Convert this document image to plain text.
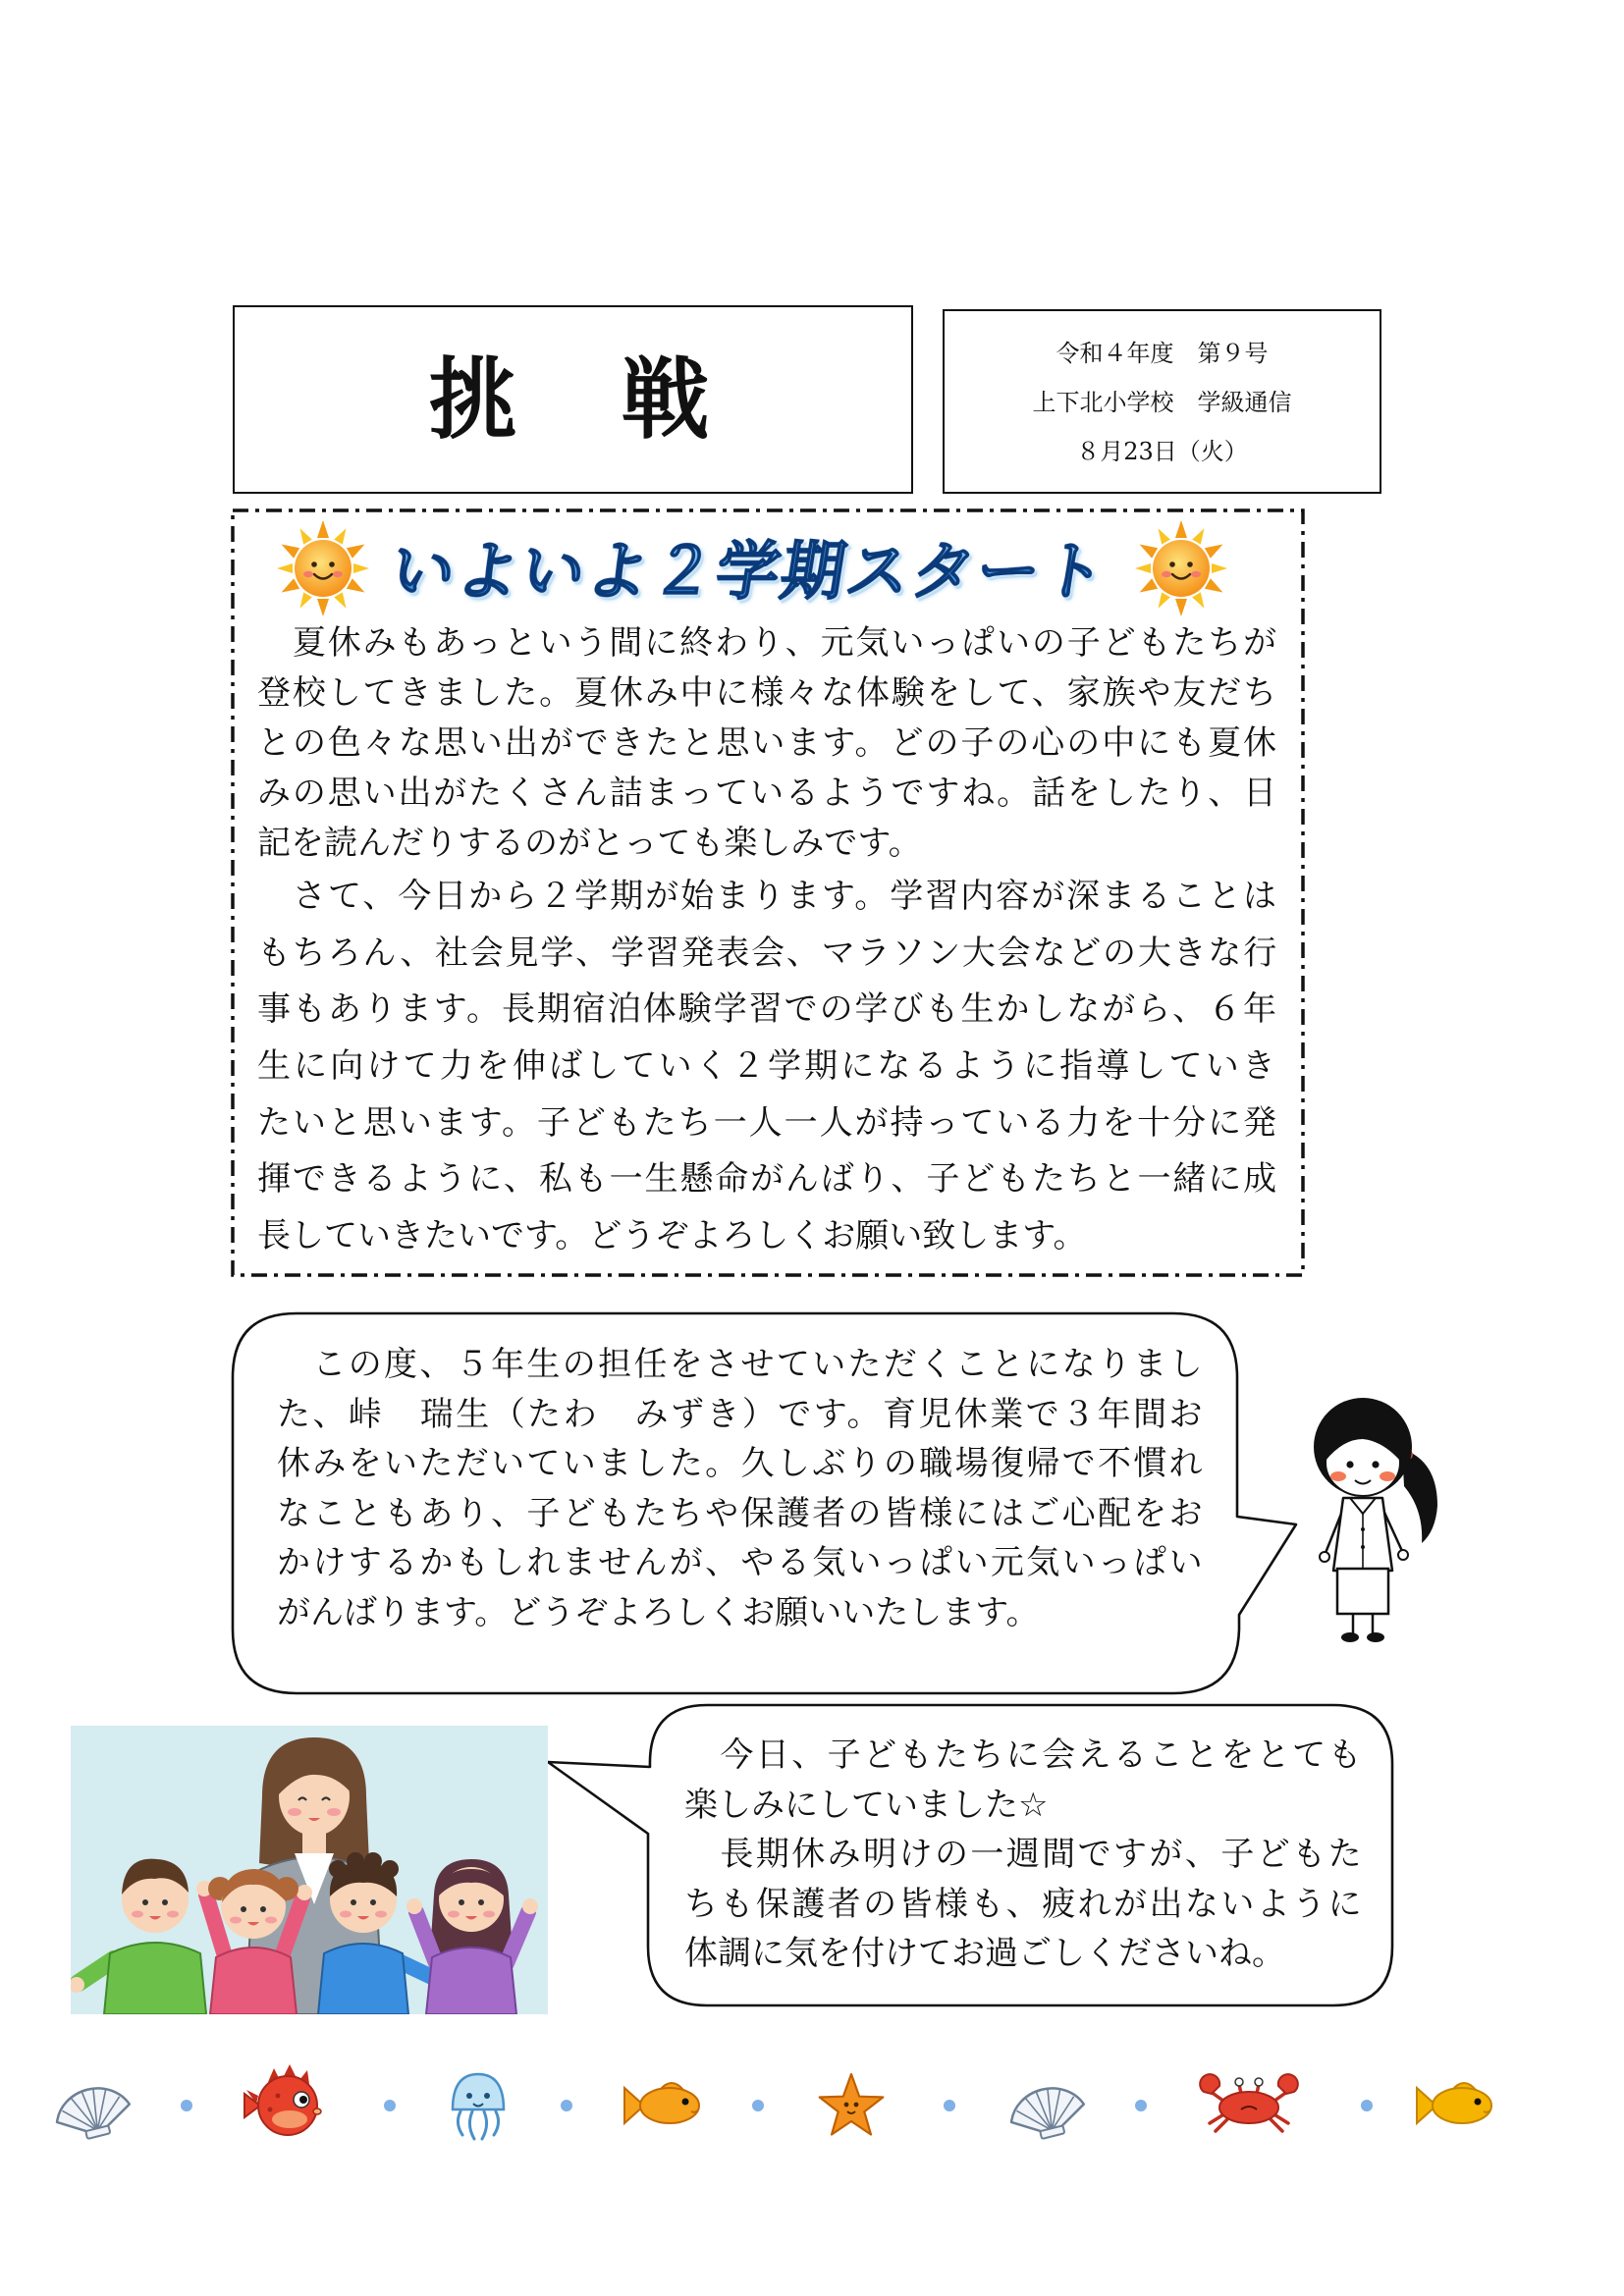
挑　戦	令和４年度　第９号
上下北小学校　学級通信
８月23日（火）
いよいよ２学期スタート
　夏休みもあっという間に終わり、元気いっぱいの子どもたちが
登校してきました。夏休み中に様々な体験をして、家族や友だち
との色々な思い出ができたと思います。どの子の心の中にも夏休
みの思い出がたくさん詰まっているようですね。話をしたり、日
記を読んだりするのがとっても楽しみです。
　さて、今日から２学期が始まります。学習内容が深まることは
もちろん、社会見学、学習発表会、マラソン大会などの大きな行
事もあります。長期宿泊体験学習での学びも生かしながら、６年
生に向けて力を伸ばしていく２学期になるように指導していき
たいと思います。子どもたち一人一人が持っている力を十分に発
揮できるように、私も一生懸命がんばり、子どもたちと一緒に成
長していきたいです。どうぞよろしくお願い致します。
　この度、５年生の担任をさせていただくことになりまし
た、峠　瑞生（たわ　みずき）です。育児休業で３年間お
休みをいただいていました。久しぶりの職場復帰で不慣れ
なこともあり、子どもたちや保護者の皆様にはご心配をお
かけするかもしれませんが、やる気いっぱい元気いっぱい
がんばります。どうぞよろしくお願いいたします。
　今日、子どもたちに会えることをとても
楽しみにしていました☆
　長期休み明けの一週間ですが、子どもた
ちも保護者の皆様も、疲れが出ないように
体調に気を付けてお過ごしくださいね。
